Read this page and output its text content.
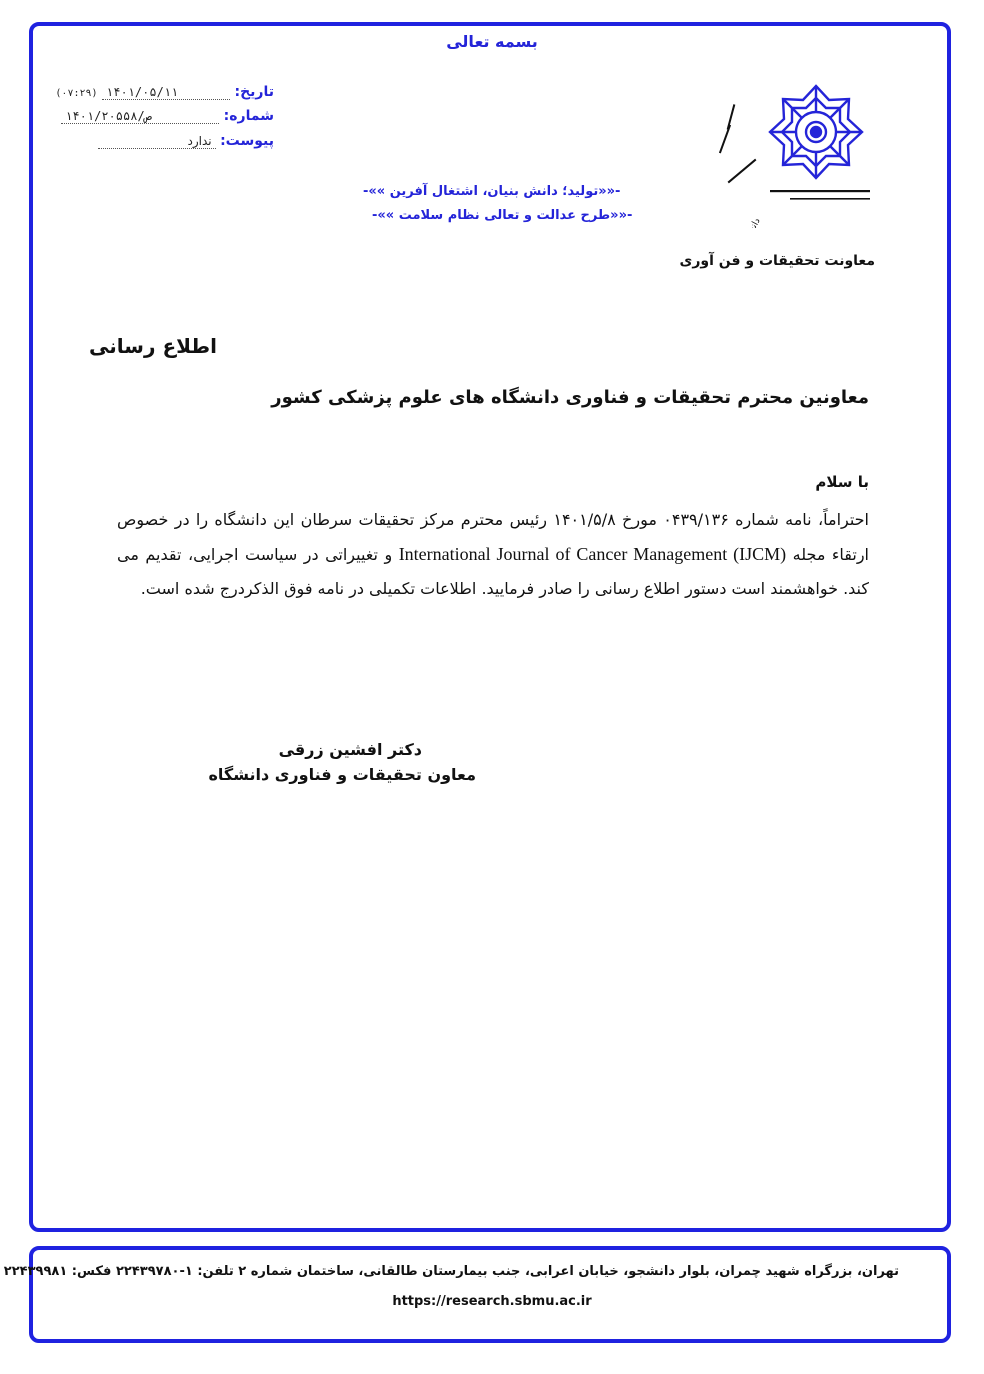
بسمه تعالی
تاریخ: ۱۴۰۱/۰۵/۱۱ (۰۷:۲۹)
شماره: ۱۴۰۱/ص/۲۰۵۵۸
پیوست: ندارد
-««تولید؛ دانش بنیان، اشتغال آفرین »»-
-««طرح عدالت و تعالی نظام سلامت »»-
معاونت تحقیقات و فن آوری
اطلاع رسانی
معاونین محترم تحقیقات و فناوری دانشگاه های علوم پزشکی کشور
با سلام
احتراماً، نامه شماره ۰۴۳۹/۱۳۶ مورخ ۱۴۰۱/۵/۸ رئیس محترم مرکز تحقیقات سرطان این دانشگاه را در خصوص ارتقاء مجله International Journal of Cancer Management (IJCM) و تغییراتی در سیاست اجرایی، تقدیم می کند. خواهشمند است دستور اطلاع رسانی را صادر فرمایید. اطلاعات تکمیلی در نامه فوق الذکردرج شده است.
دکتر افشین زرقی
معاون تحقیقات و فناوری دانشگاه
تهران، بزرگراه شهید چمران، بلوار دانشجو، خیابان اعرابی، جنب بیمارستان طالقانی، ساختمان شماره ۲ تلفن: ۱-۲۲۴۳۹۷۸۰ فکس: ۲۲۴۳۹۹۸۱
https://research.sbmu.ac.ir
